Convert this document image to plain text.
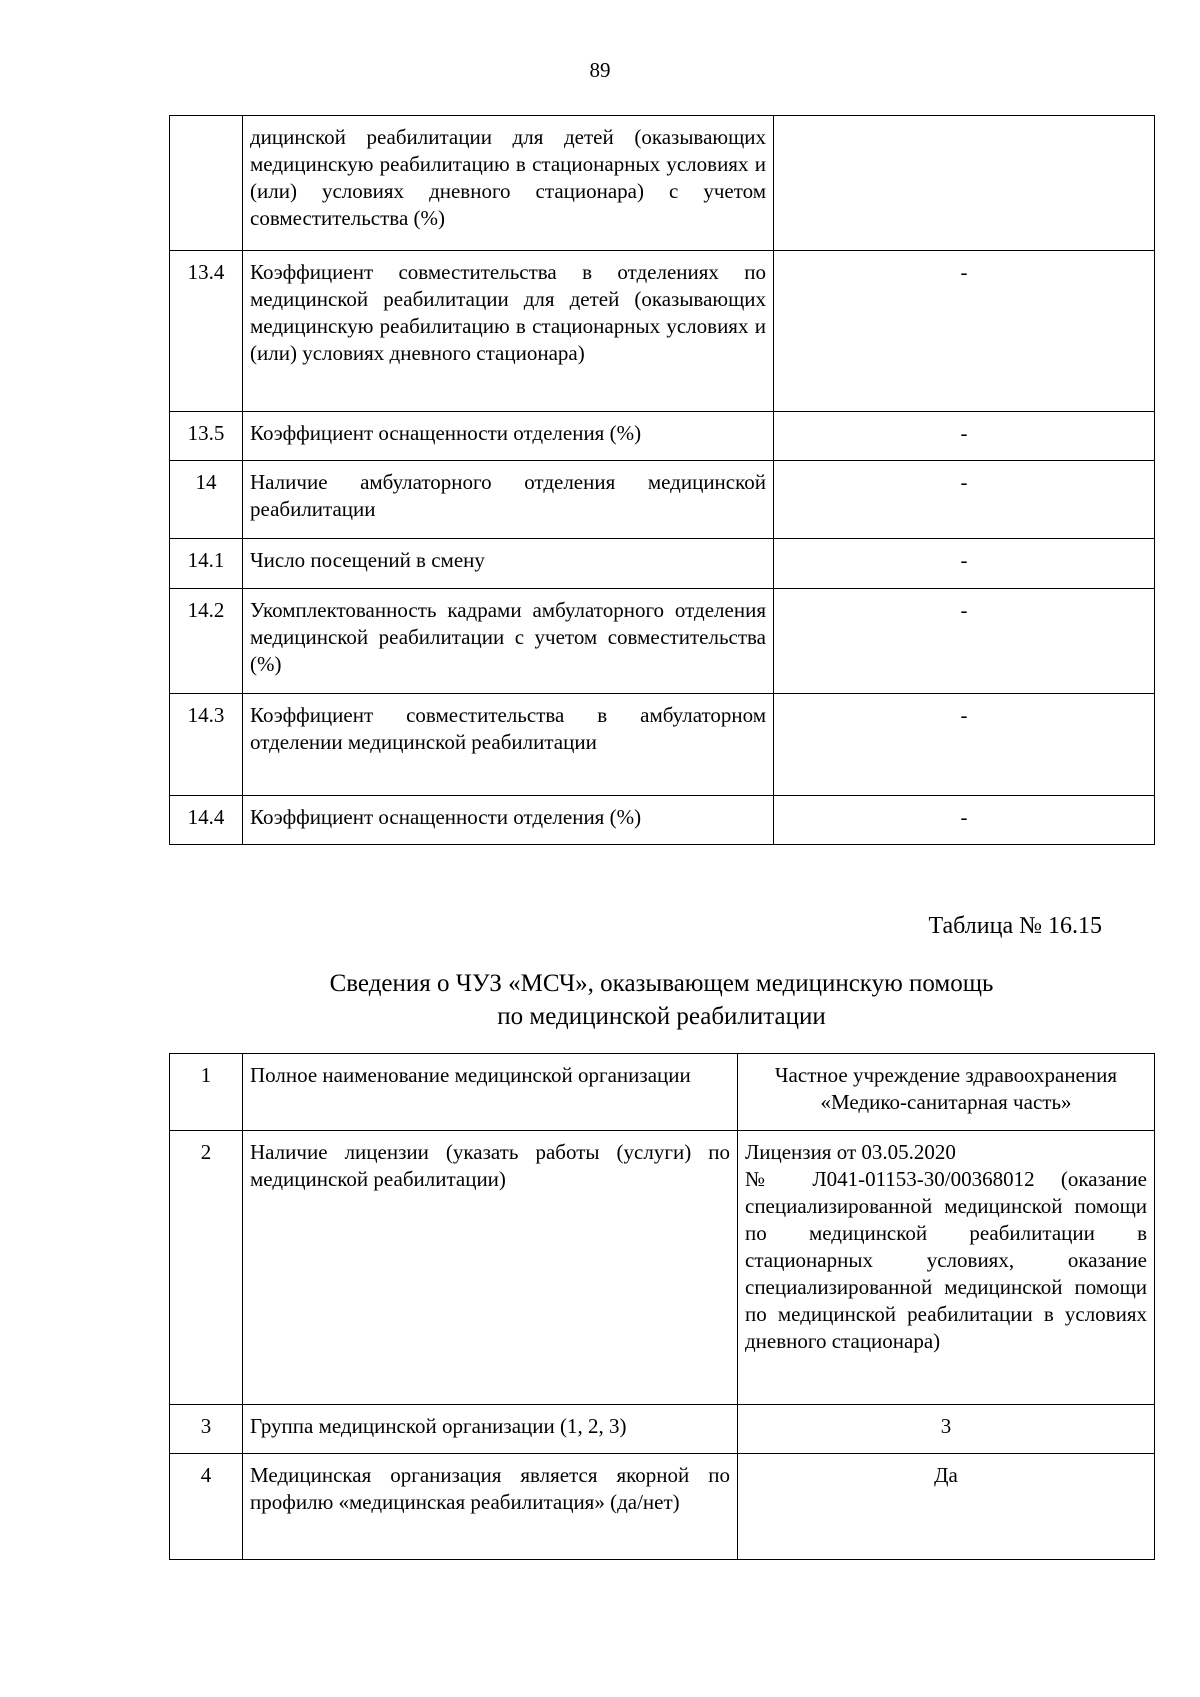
89
	дицинской реабилитации для детей (оказывающих медицинскую реабилитацию в стационарных условиях и (или) условиях дневного стационара) с учетом совместительства (%)	
13.4	Коэффициент совместительства в отделениях по медицинской реабилитации для детей (оказывающих медицинскую реабилитацию в стационарных условиях и (или) условиях дневного стационара)	-
13.5	Коэффициент оснащенности отделения (%)	-
14	Наличие амбулаторного отделения медицинской реабилитации	-
14.1	Число посещений в смену	-
14.2	Укомплектованность кадрами амбулаторного отделения медицинской реабилитации с учетом совместительства (%)	-
14.3	Коэффициент совместительства в амбулаторном отделении медицинской реабилитации	-
14.4	Коэффициент оснащенности отделения (%)	-
Таблица № 16.15
Сведения о ЧУЗ «МСЧ», оказывающем медицинскую помощь
по медицинской реабилитации
1	Полное наименование медицинской организации	Частное учреждение здравоохранения «Медико-санитарная часть»
2	Наличие лицензии (указать работы (услуги) по медицинской реабилитации)	Лицензия от 03.05.2020
№ Л041-01153-30/00368012 (оказание специализированной медицинской помощи по медицинской реабилитации в стационарных условиях, оказание специализированной медицинской помощи по медицинской реабилитации в условиях дневного стационара)

3	Группа медицинской организации (1, 2, 3)	3
4	Медицинская организация является якорной по профилю «медицинская реабилитация» (да/нет)	Да
